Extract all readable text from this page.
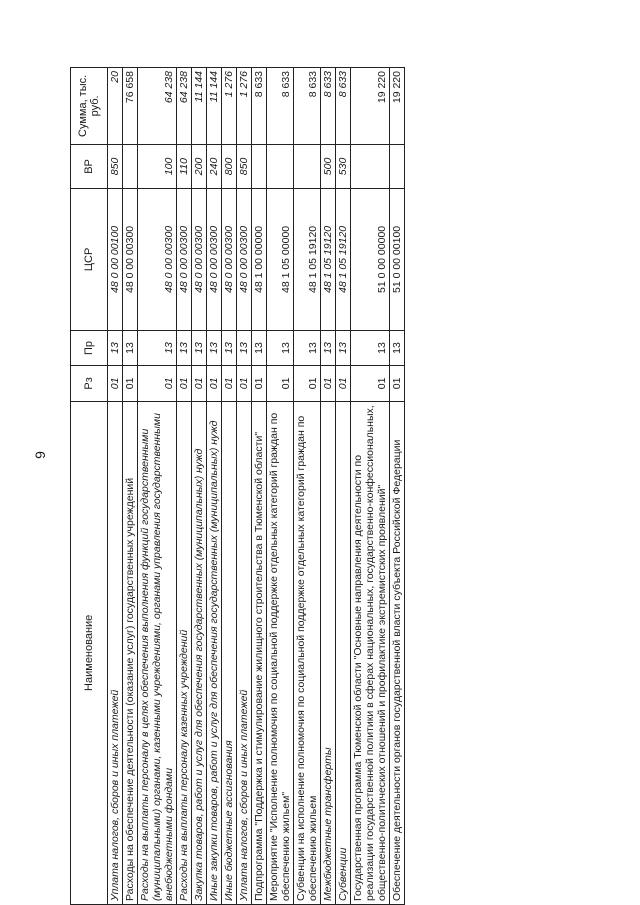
9
Наименование	Рз	Пр	ЦСР	ВР	Сумма, тыс. руб.
Уплата налогов, сборов и иных платежей	01	13	48 0 00 00100	850	20
Расходы на обеспечение деятельности (оказание услуг) государственных учреждений	01	13	48 0 00 00300		76 658
Расходы на выплаты персоналу в целях обеспечения выполнения функций государственными (муниципальными) органами, казенными учреждениями, органами управления государственными внебюджетными фондами	01	13	48 0 00 00300	100	64 238
Расходы на выплаты персоналу казенных учреждений	01	13	48 0 00 00300	110	64 238
Закупка товаров, работ и услуг для обеспечения государственных (муниципальных) нужд	01	13	48 0 00 00300	200	11 144
Иные закупки товаров, работ и услуг для обеспечения государственных (муниципальных) нужд	01	13	48 0 00 00300	240	11 144
Иные бюджетные ассигнования	01	13	48 0 00 00300	800	1 276
Уплата налогов, сборов и иных платежей	01	13	48 0 00 00300	850	1 276
Подпрограмма "Поддержка и стимулирование жилищного строительства в Тюменской области"	01	13	48 1 00 00000		8 633
Мероприятие "Исполнение полномочия по социальной поддержке отдельных категорий граждан по обеспечению жильем"	01	13	48 1 05 00000		8 633
Субвенции на исполнение полномочия по социальной поддержке отдельных категорий граждан по обеспечению жильем	01	13	48 1 05 19120		8 633
Межбюджетные трансферты	01	13	48 1 05 19120	500	8 633
Субвенции	01	13	48 1 05 19120	530	8 633
Государственная программа Тюменской области "Основные направления деятельности по реализации государственной политики в сферах национальных, государственно-конфессиональных, общественно-политических отношений и профилактике экстремистских проявлений"	01	13	51 0 00 00000		19 220
Обеспечение деятельности органов государственной власти субъекта Российской Федерации	01	13	51 0 00 00100		19 220
